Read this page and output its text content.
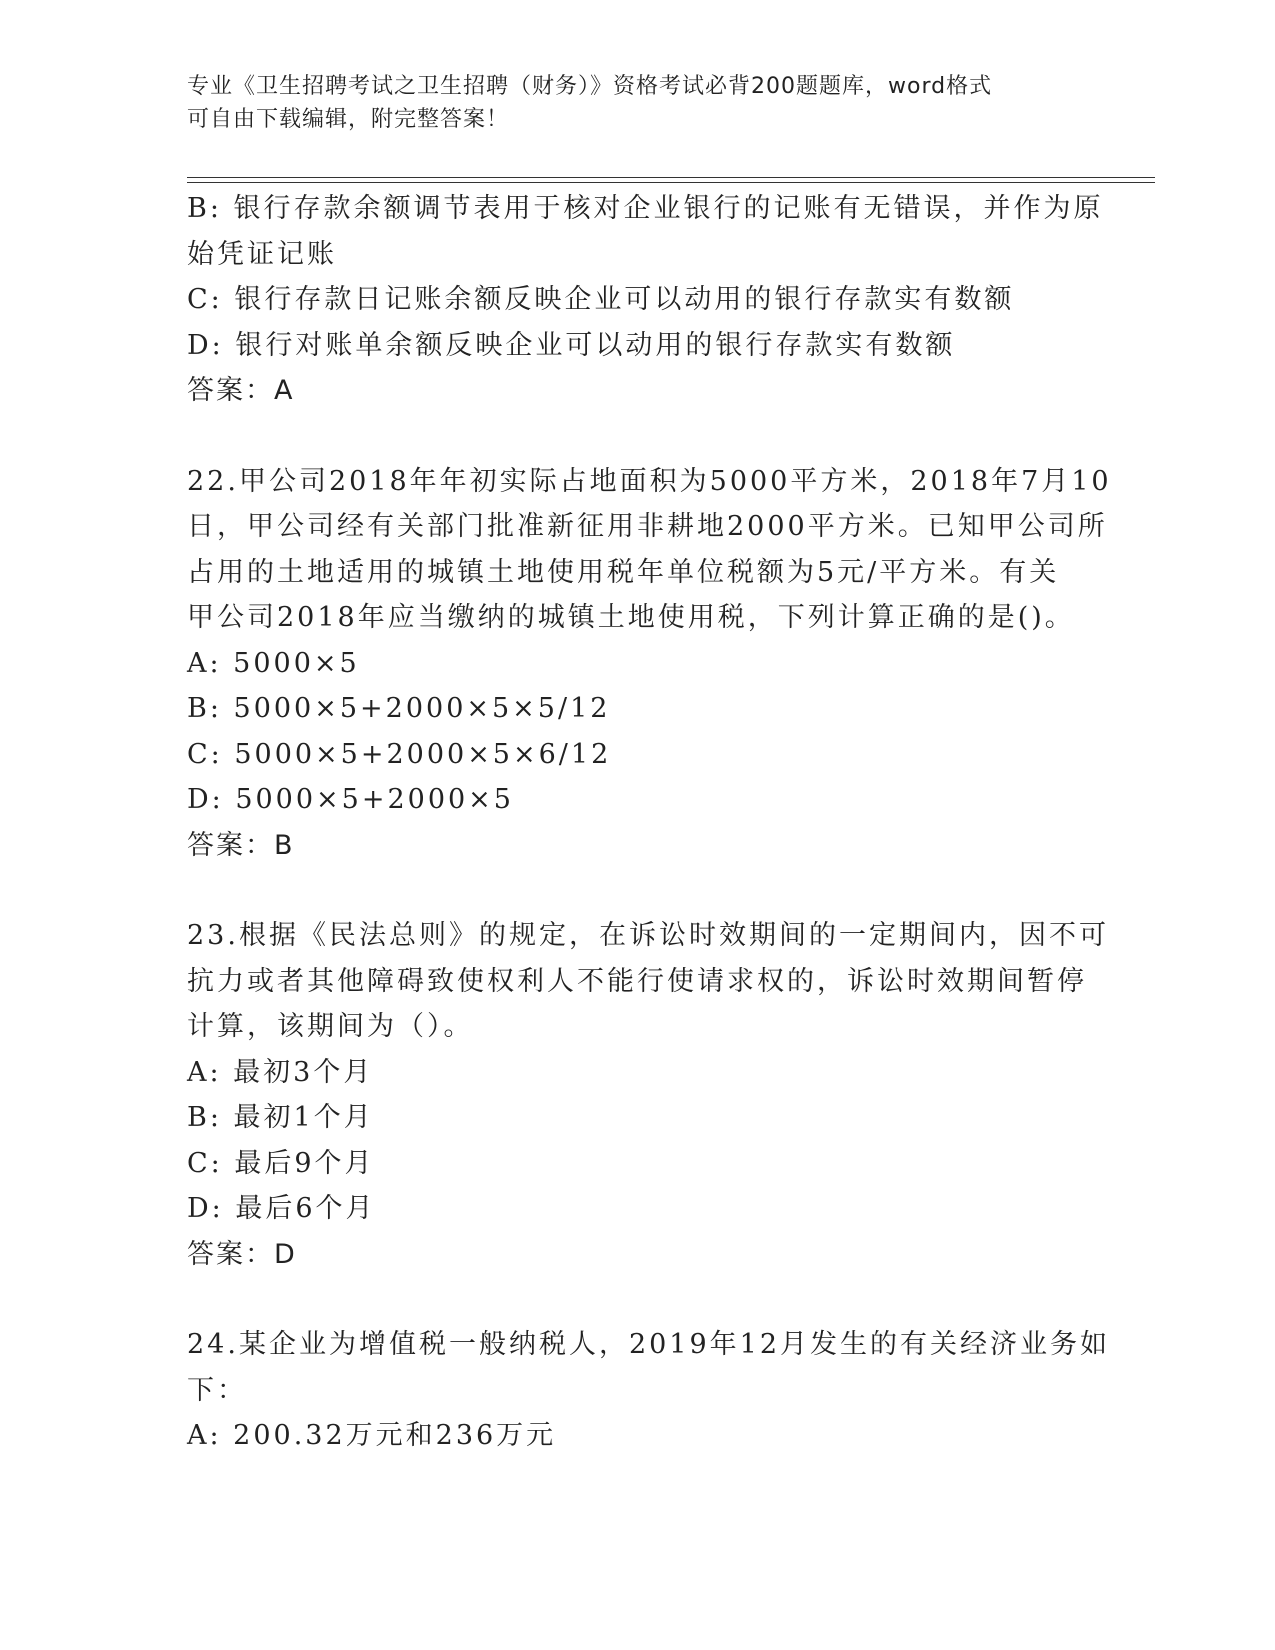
专业《卫生招聘考试之卫生招聘（财务）》资格考试必背200题题库，word格式
可自由下载编辑，附完整答案！
B: 银行存款余额调节表用于核对企业银行的记账有无错误，并作为原
始凭证记账
C: 银行存款日记账余额反映企业可以动用的银行存款实有数额
D: 银行对账单余额反映企业可以动用的银行存款实有数额
答案：A
22.甲公司2018年年初实际占地面积为5000平方米，2018年7月10
日，甲公司经有关部门批准新征用非耕地2000平方米。已知甲公司所
占用的土地适用的城镇土地使用税年单位税额为5元/平方米。有关
甲公司2018年应当缴纳的城镇土地使用税，下列计算正确的是()。
A: 5000×5
B: 5000×5+2000×5×5/12
C: 5000×5+2000×5×6/12
D: 5000×5+2000×5
答案：B
23.根据《民法总则》的规定，在诉讼时效期间的一定期间内，因不可
抗力或者其他障碍致使权利人不能行使请求权的，诉讼时效期间暂停
计算，该期间为（）。
A: 最初3个月
B: 最初1个月
C: 最后9个月
D: 最后6个月
答案：D
24.某企业为增值税一般纳税人，2019年12月发生的有关经济业务如
下：
A: 200.32万元和236万元
